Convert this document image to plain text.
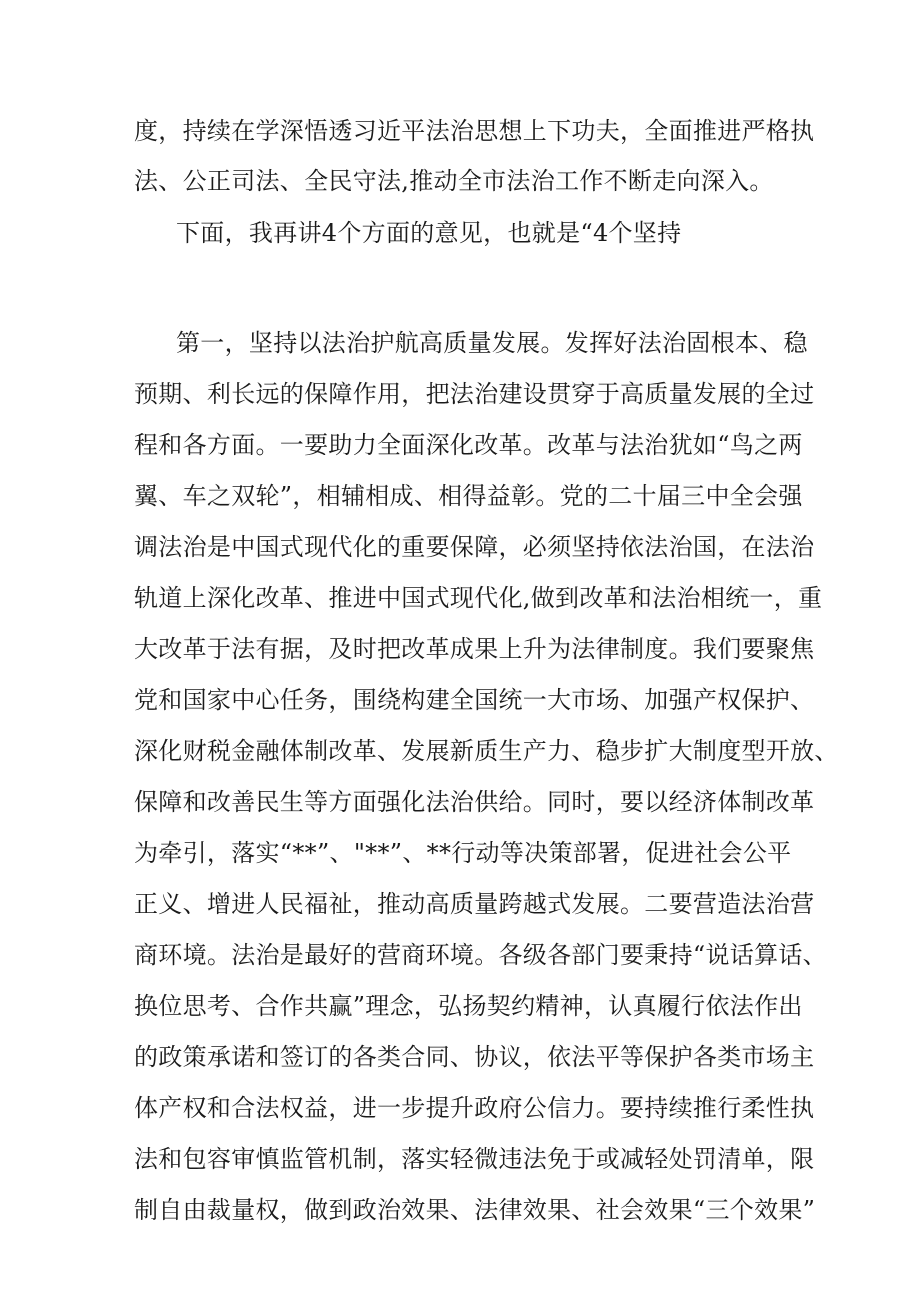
度，持续在学深悟透习近平法治思想上下功夫，全面推进严格执
法、公正司法、全民守法,推动全市法治工作不断走向深入。
下面，我再讲4个方面的意见，也就是“4个坚持
第一，坚持以法治护航高质量发展。发挥好法治固根本、稳
预期、利长远的保障作用，把法治建设贯穿于高质量发展的全过
程和各方面。一要助力全面深化改革。改革与法治犹如“鸟之两
翼、车之双轮”，相辅相成、相得益彰。党的二十届三中全会强
调法治是中国式现代化的重要保障，必须坚持依法治国，在法治
轨道上深化改革、推进中国式现代化,做到改革和法治相统一，重
大改革于法有据，及时把改革成果上升为法律制度。我们要聚焦
党和国家中心任务，围绕构建全国统一大市场、加强产权保护、
深化财税金融体制改革、发展新质生产力、稳步扩大制度型开放、
保障和改善民生等方面强化法治供给。同时，要以经济体制改革
为牵引，落实“**”、"**”、**行动等决策部署，促进社会公平
正义、增进人民福祉，推动高质量跨越式发展。二要营造法治营
商环境。法治是最好的营商环境。各级各部门要秉持“说话算话、
换位思考、合作共赢”理念，弘扬契约精神，认真履行依法作出
的政策承诺和签订的各类合同、协议，依法平等保护各类市场主
体产权和合法权益，进一步提升政府公信力。要持续推行柔性执
法和包容审慎监管机制，落实轻微违法免于或减轻处罚清单，限
制自由裁量权，做到政治效果、法律效果、社会效果“三个效果”
